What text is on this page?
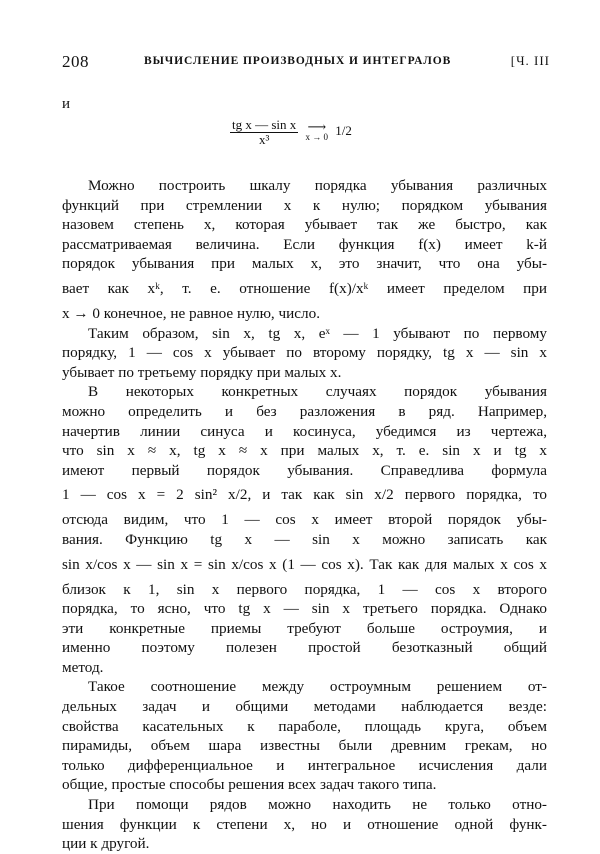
208	ВЫЧИСЛЕНИЕ ПРОИЗВОДНЫХ И ИНТЕГРАЛОВ	[Ч. III
и
$\frac{\text{tg x — sin x}}{\text{x³}}$
⟶
x → 0 1/2

Можно построить шкалу порядка убывания различных
функций при стремлении x к нулю; порядком убывания
назовем степень x, которая убывает так же быстро, как
рассматриваемая величина. Если функция f(x) имеет k-й
порядок убывания при малых x, это значит, что она убы-
вает как xᵏ, т. е. отношение f(x)/xᵏ имеет пределом при
x → 0 конечное, не равное нулю, число.

Таким образом, sin x, tg x, eˣ — 1 убывают по первому
порядку, 1 — cos x убывает по второму порядку, tg x — sin x
убывает по третьему порядку при малых x.

В некоторых конкретных случаях порядок убывания
можно определить и без разложения в ряд. Например,
начертив линии синуса и косинуса, убедимся из чертежа,
что sin x ≈ x, tg x ≈ x при малых x, т. е. sin x и tg x
имеют первый порядок убывания. Справедлива формула
1 — cos x = 2 sin² x/2, и так как sin x/2 первого порядка, то
отсюда видим, что 1 — cos x имеет второй порядок убы-
вания. Функцию tg x — sin x можно записать как
sin x/cos x — sin x = sin x/cos x (1 — cos x). Так как для малых x cos x
близок к 1, sin x первого порядка, 1 — cos x второго
порядка, то ясно, что tg x — sin x третьего порядка. Однако
эти конкретные приемы требуют больше остроумия, и
именно поэтому полезен простой безотказный общий
метод.

Такое соотношение между остроумным решением от-
дельных задач и общими методами наблюдается везде:
свойства касательных к параболе, площадь круга, объем
пирамиды, объем шара известны были древним грекам, но
только дифференциальное и интегральное исчисления дали
общие, простые способы решения всех задач такого типа.

При помощи рядов можно находить не только отно-
шения функции к степени x, но и отношение одной функ-
ции к другой.
